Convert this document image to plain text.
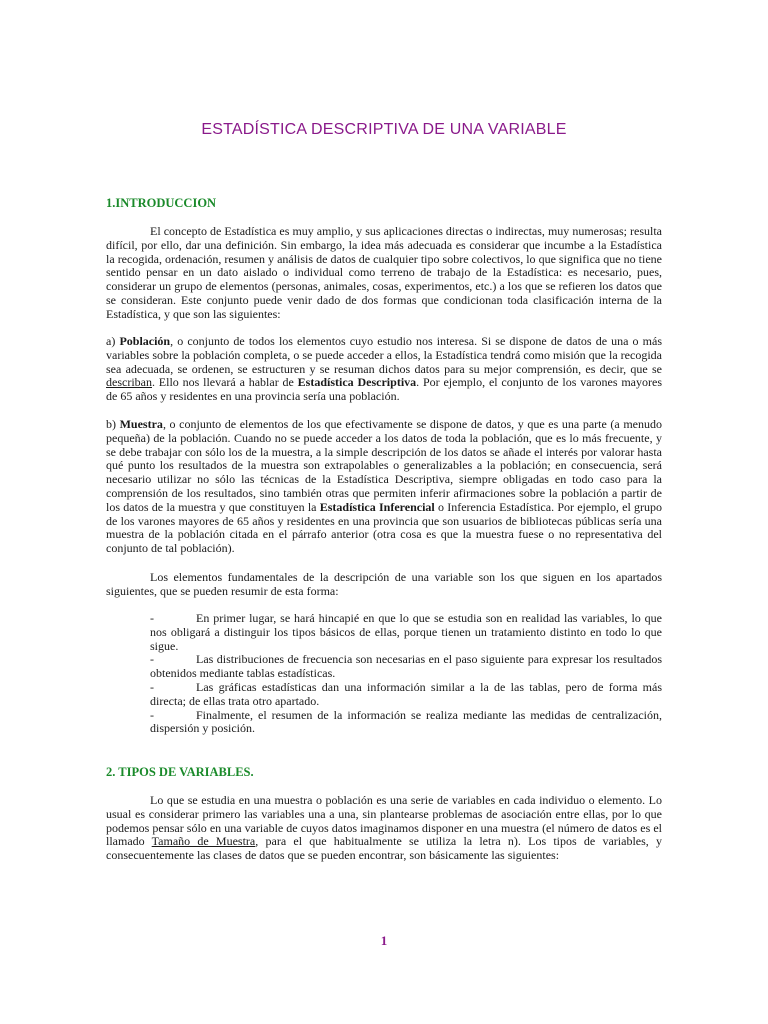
ESTADÍSTICA DESCRIPTIVA DE UNA VARIABLE
1.INTRODUCCION

El concepto de Estadística es muy amplio, y sus aplicaciones directas o indirectas, muy numerosas; resulta difícil, por ello, dar una definición. Sin embargo, la idea más adecuada es considerar que incumbe a la Estadística la recogida, ordenación, resumen y análisis de datos de cualquier tipo sobre colectivos, lo que significa que no tiene sentido pensar en un dato aislado o individual como terreno de trabajo de la Estadística: es necesario, pues, considerar un grupo de elementos (personas, animales, cosas, experimentos, etc.) a los que se refieren los datos que se consideran. Este conjunto puede venir dado de dos formas que condicionan toda clasificación interna de la Estadística, y que son las siguientes:

a) Población, o conjunto de todos los elementos cuyo estudio nos interesa. Si se dispone de datos de una o más variables sobre la población completa, o se puede acceder a ellos, la Estadística tendrá como misión que la recogida sea adecuada, se ordenen, se estructuren y se resuman dichos datos para su mejor comprensión, es decir, que se describan. Ello nos llevará a hablar de Estadística Descriptiva. Por ejemplo, el conjunto de los varones mayores de 65 años y residentes en una provincia sería una población.

b) Muestra, o conjunto de elementos de los que efectivamente se dispone de datos, y que es una parte (a menudo pequeña) de la población. Cuando no se puede acceder a los datos de toda la población, que es lo más frecuente, y se debe trabajar con sólo los de la muestra, a la simple descripción de los datos se añade el interés por valorar hasta qué punto los resultados de la muestra son extrapolables o generalizables a la población; en consecuencia, será necesario utilizar no sólo las técnicas de la Estadística Descriptiva, siempre obligadas en todo caso para la comprensión de los resultados, sino también otras que permiten inferir afirmaciones sobre la población a partir de los datos de la muestra y que constituyen la Estadística Inferencial o Inferencia Estadística. Por ejemplo, el grupo de los varones mayores de 65 años y residentes en una provincia que son usuarios de bibliotecas públicas sería una muestra de la población citada en el párrafo anterior (otra cosa es que la muestra fuese o no representativa del conjunto de tal población).

Los elementos fundamentales de la descripción de una variable son los que siguen en los apartados siguientes, que se pueden resumir de esta forma:

-	En primer lugar, se hará hincapié en que lo que se estudia son en realidad las variables, lo que nos obligará a distinguir los tipos básicos de ellas, porque tienen un tratamiento distinto en todo lo que sigue.

-	Las distribuciones de frecuencia son necesarias en el paso siguiente para expresar los resultados obtenidos mediante tablas estadísticas.

-	Las gráficas estadísticas dan una información similar a la de las tablas, pero de forma más directa; de ellas trata otro apartado.

-	Finalmente, el resumen de la información se realiza mediante las medidas de centralización, dispersión y posición.

2. TIPOS DE VARIABLES.

Lo que se estudia en una muestra o población es una serie de variables en cada individuo o elemento. Lo usual es considerar primero las variables una a una, sin plantearse problemas de asociación entre ellas, por lo que podemos pensar sólo en una variable de cuyos datos imaginamos disponer en una muestra (el número de datos es el llamado Tamaño de Muestra, para el que habitualmente se utiliza la letra n). Los tipos de variables, y consecuentemente las clases de datos que se pueden encontrar, son básicamente las siguientes:

1
